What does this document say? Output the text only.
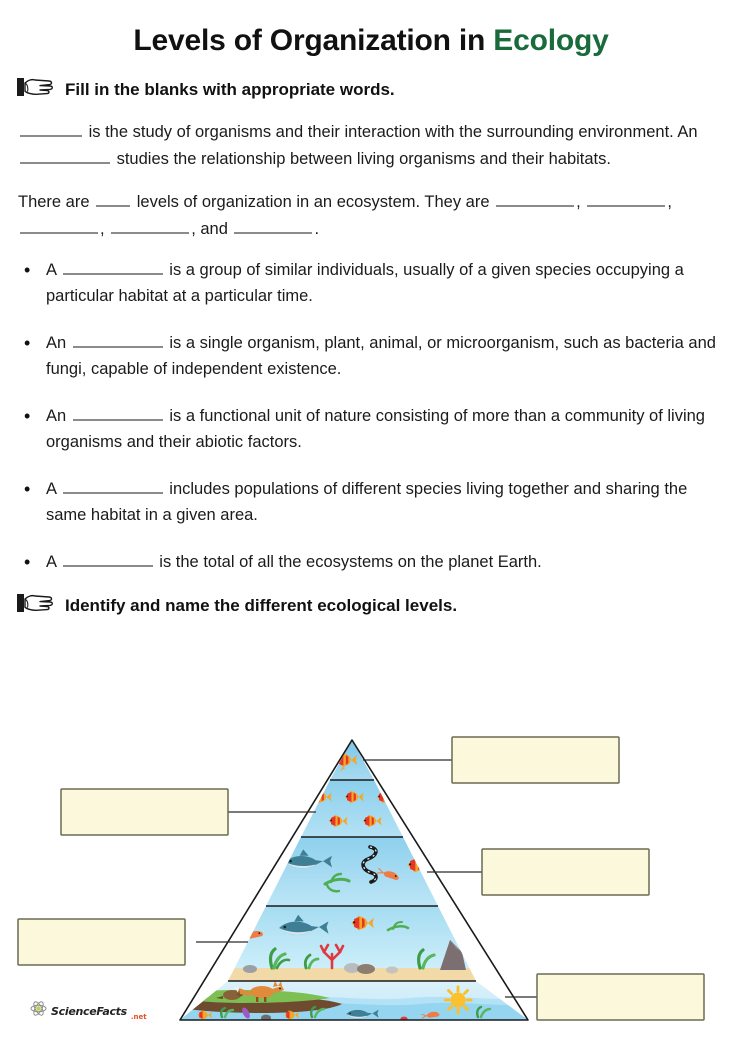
Levels of Organization in Ecology
Fill in the blanks with appropriate words.
is the study of organisms and their interaction with the surrounding environment. An  studies the relationship between living organisms and their habitats.
There are	levels of organization in an ecosystem. They are	,	, ,	, and	.
• A	is a group of similar individuals, usually of a given species occupying a particular habitat at a particular time.
• An	is a single organism, plant, animal, or microorganism, such as bacteria and fungi, capable of independent existence.
• An	is a functional unit of nature consisting of more than a community of living organisms and their abiotic factors.
• A	includes populations of different species living together and sharing the same habitat in a given area.
• A	is the total of all the ecosystems on the planet Earth.
Identify and name the different ecological levels.
ScienceFacts .net
